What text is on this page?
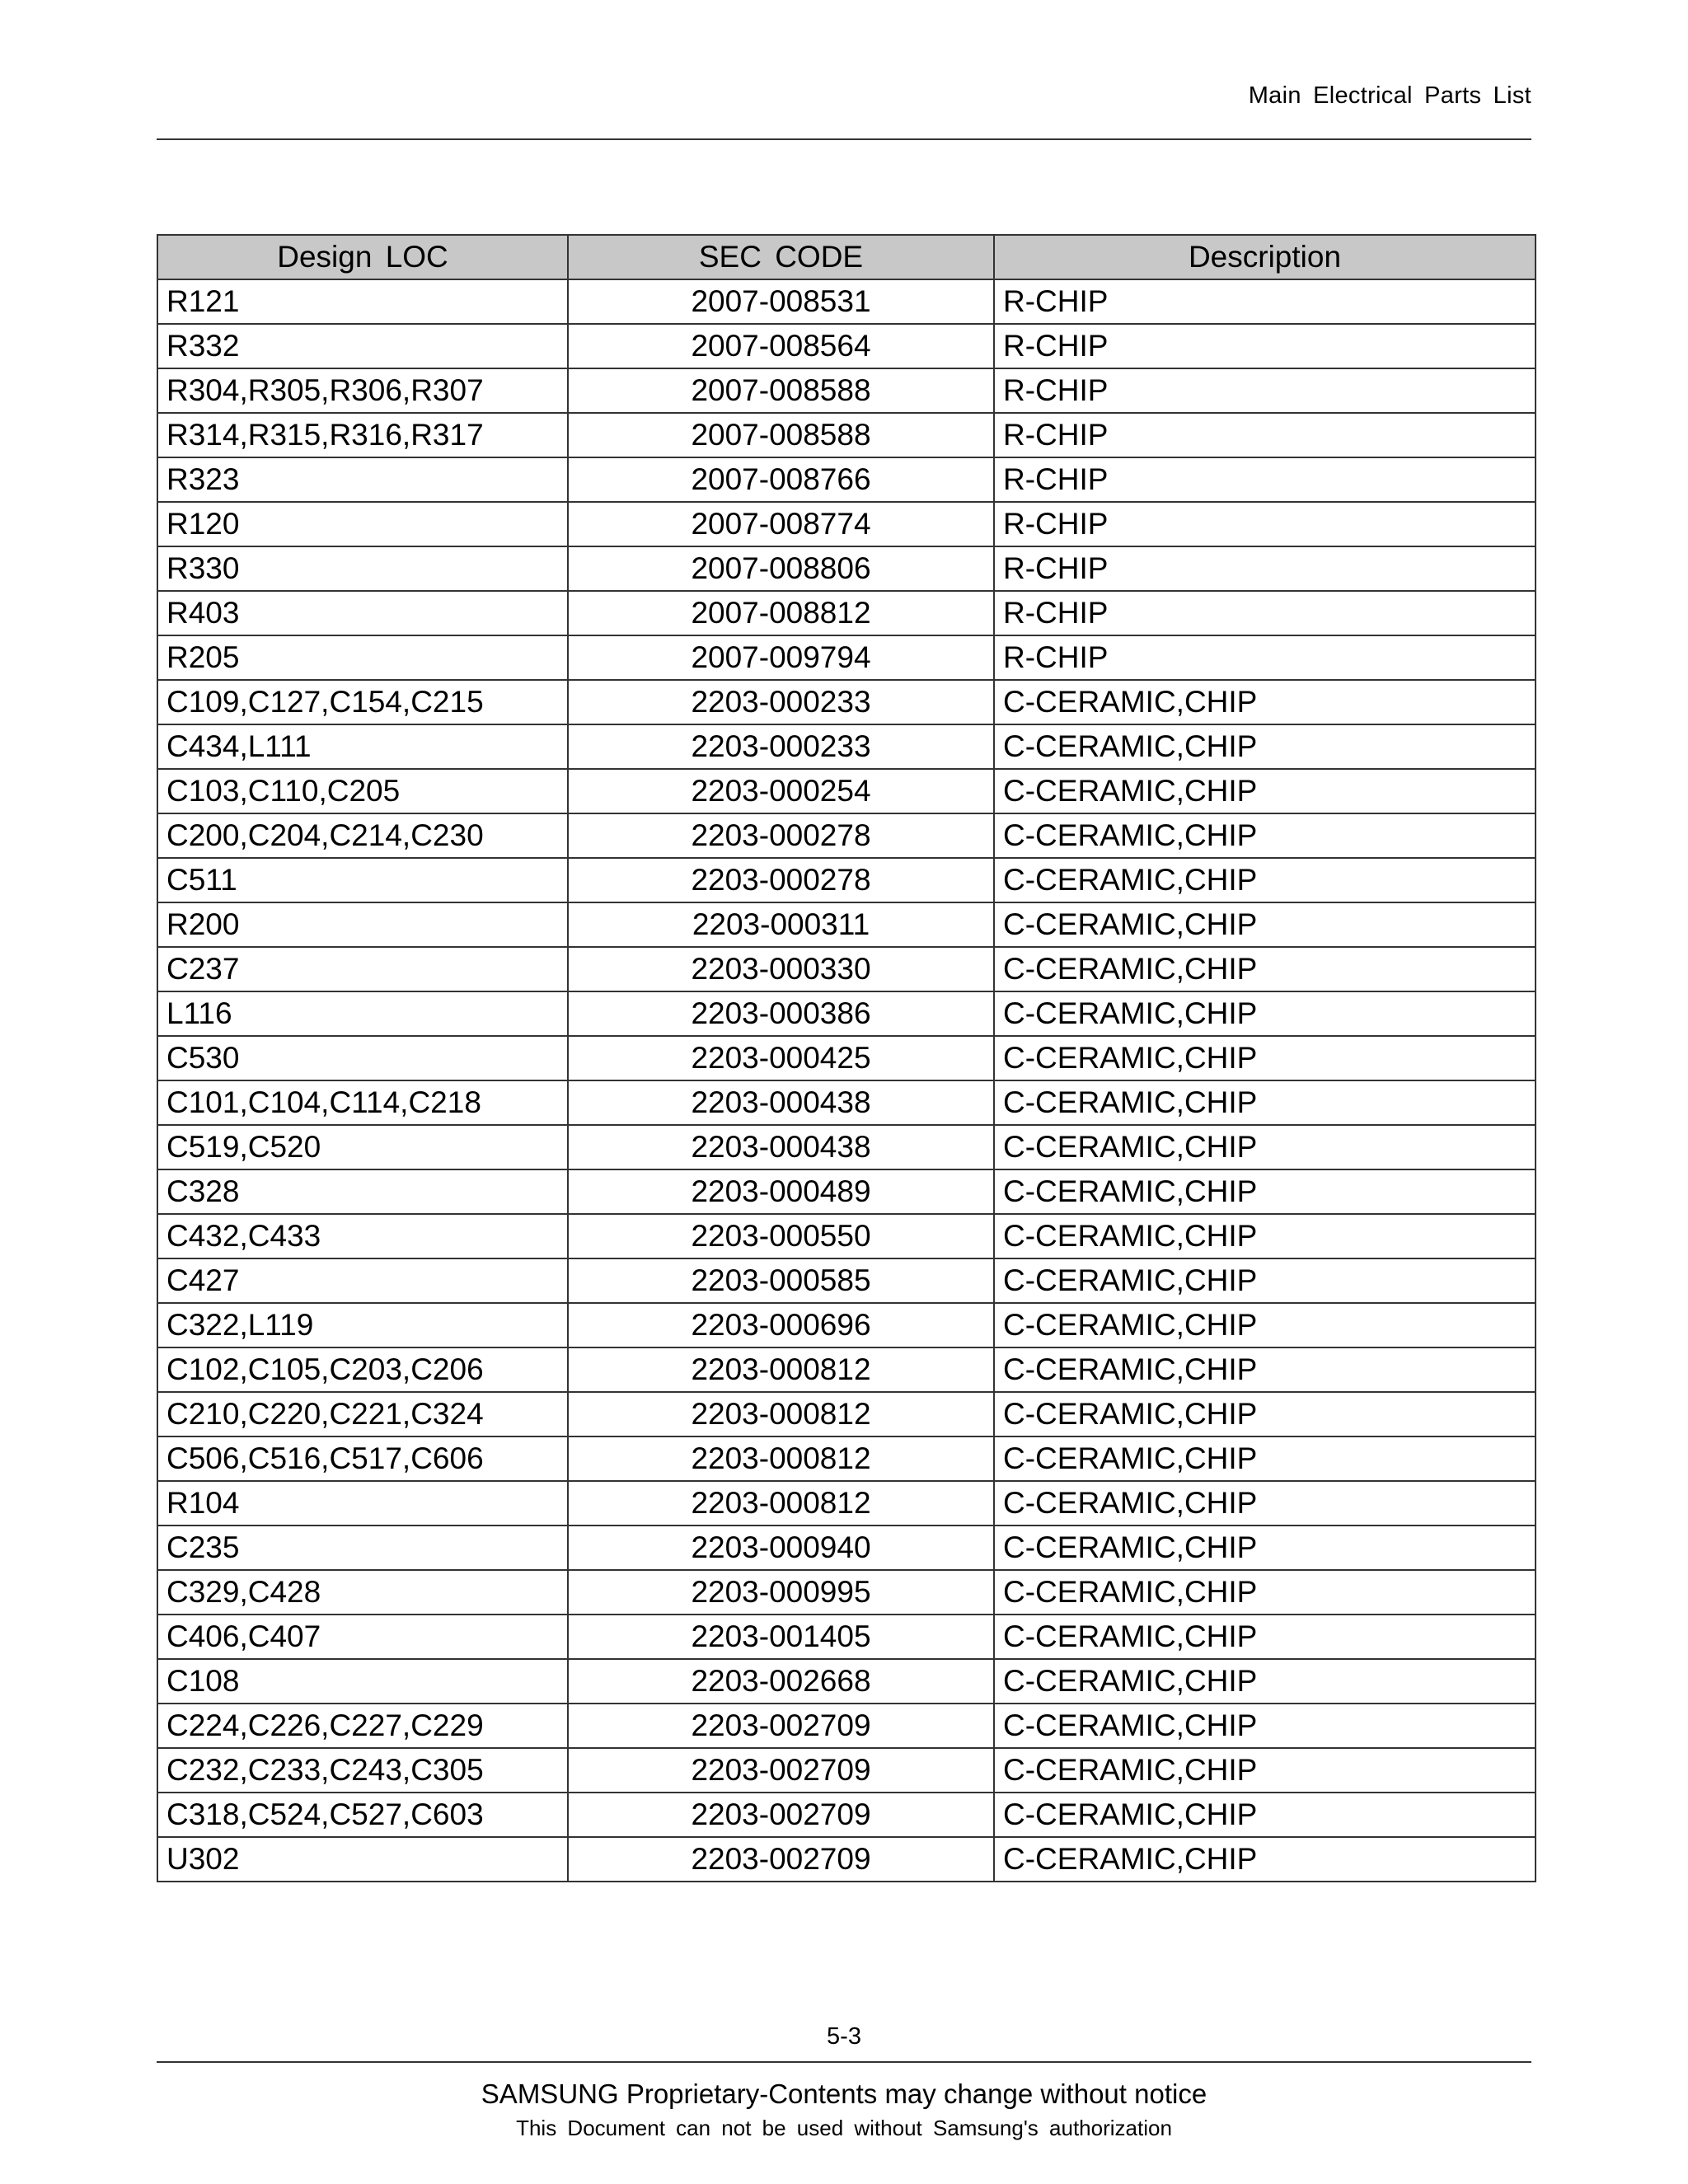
Main Electrical Parts List
Design LOC	SEC CODE	Description
R121	2007-008531	R-CHIP
R332	2007-008564	R-CHIP
R304,R305,R306,R307	2007-008588	R-CHIP
R314,R315,R316,R317	2007-008588	R-CHIP
R323	2007-008766	R-CHIP
R120	2007-008774	R-CHIP
R330	2007-008806	R-CHIP
R403	2007-008812	R-CHIP
R205	2007-009794	R-CHIP
C109,C127,C154,C215	2203-000233	C-CERAMIC,CHIP
C434,L111	2203-000233	C-CERAMIC,CHIP
C103,C110,C205	2203-000254	C-CERAMIC,CHIP
C200,C204,C214,C230	2203-000278	C-CERAMIC,CHIP
C511	2203-000278	C-CERAMIC,CHIP
R200	2203-000311	C-CERAMIC,CHIP
C237	2203-000330	C-CERAMIC,CHIP
L116	2203-000386	C-CERAMIC,CHIP
C530	2203-000425	C-CERAMIC,CHIP
C101,C104,C114,C218	2203-000438	C-CERAMIC,CHIP
C519,C520	2203-000438	C-CERAMIC,CHIP
C328	2203-000489	C-CERAMIC,CHIP
C432,C433	2203-000550	C-CERAMIC,CHIP
C427	2203-000585	C-CERAMIC,CHIP
C322,L119	2203-000696	C-CERAMIC,CHIP
C102,C105,C203,C206	2203-000812	C-CERAMIC,CHIP
C210,C220,C221,C324	2203-000812	C-CERAMIC,CHIP
C506,C516,C517,C606	2203-000812	C-CERAMIC,CHIP
R104	2203-000812	C-CERAMIC,CHIP
C235	2203-000940	C-CERAMIC,CHIP
C329,C428	2203-000995	C-CERAMIC,CHIP
C406,C407	2203-001405	C-CERAMIC,CHIP
C108	2203-002668	C-CERAMIC,CHIP
C224,C226,C227,C229	2203-002709	C-CERAMIC,CHIP
C232,C233,C243,C305	2203-002709	C-CERAMIC,CHIP
C318,C524,C527,C603	2203-002709	C-CERAMIC,CHIP
U302	2203-002709	C-CERAMIC,CHIP
5-3
SAMSUNG Proprietary-Contents may change without notice
This Document can not be used without Samsung's authorization
